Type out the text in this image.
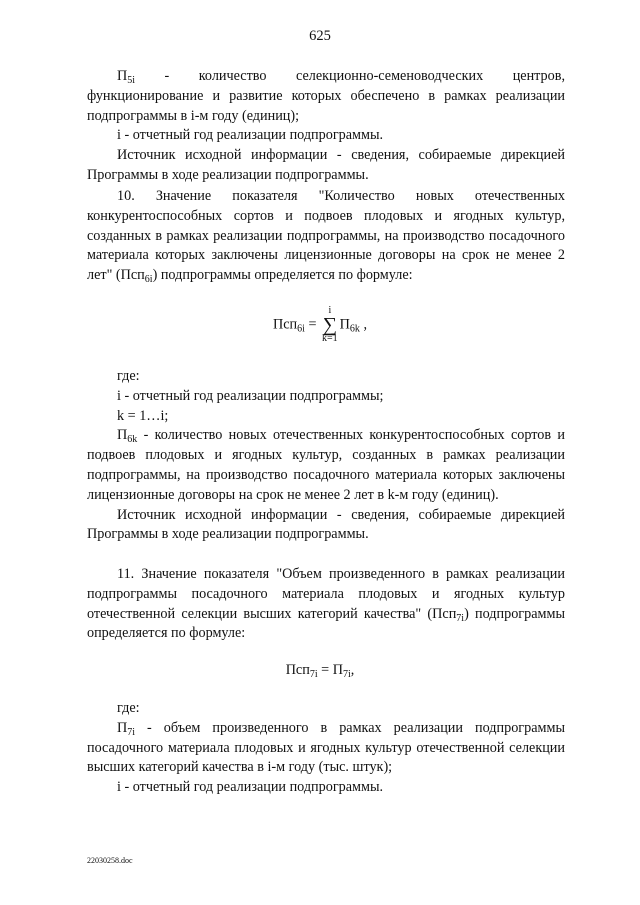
625

$П_{5i}$ - количество селекционно-семеноводческих центров, функционирование и развитие которых обеспечено в рамках реализации подпрограммы в i-м году (единиц);

i - отчетный год реализации подпрограммы.

Источник исходной информации - сведения, собираемые дирекцией Программы в ходе реализации подпрограммы.

10. Значение показателя "Количество новых отечественных конкурентоспособных сортов и подвоев плодовых и ягодных культур, созданных в рамках реализации подпрограммы, на производство посадочного материала которых заключены лицензионные договоры на срок не менее 2 лет" (Псп$_{6i}$) подпрограммы определяется по формуле:

Псп$_{6i}$ =
i
∑
k=1
$П_{6k}$ ,

где:

i - отчетный год реализации подпрограммы;

k = 1…i;

$П_{6k}$ - количество новых отечественных конкурентоспособных сортов и подвоев плодовых и ягодных культур, созданных в рамках реализации подпрограммы, на производство посадочного материала которых заключены лицензионные договоры на срок не менее 2 лет в k-м году (единиц).

Источник исходной информации - сведения, собираемые дирекцией Программы в ходе реализации подпрограммы.

11. Значение показателя "Объем произведенного в рамках реализации подпрограммы посадочного материала плодовых и ягодных культур отечественной селекции высших категорий качества" (Псп$_{7i}$) подпрограммы определяется по формуле:

$Псп_{7i} = П_{7i}$,

где:

$П_{7i}$ - объем произведенного в рамках реализации подпрограммы посадочного материала плодовых и ягодных культур отечественной селекции высших категорий качества в i-м году (тыс. штук);

i - отчетный год реализации подпрограммы.

22030258.doc
